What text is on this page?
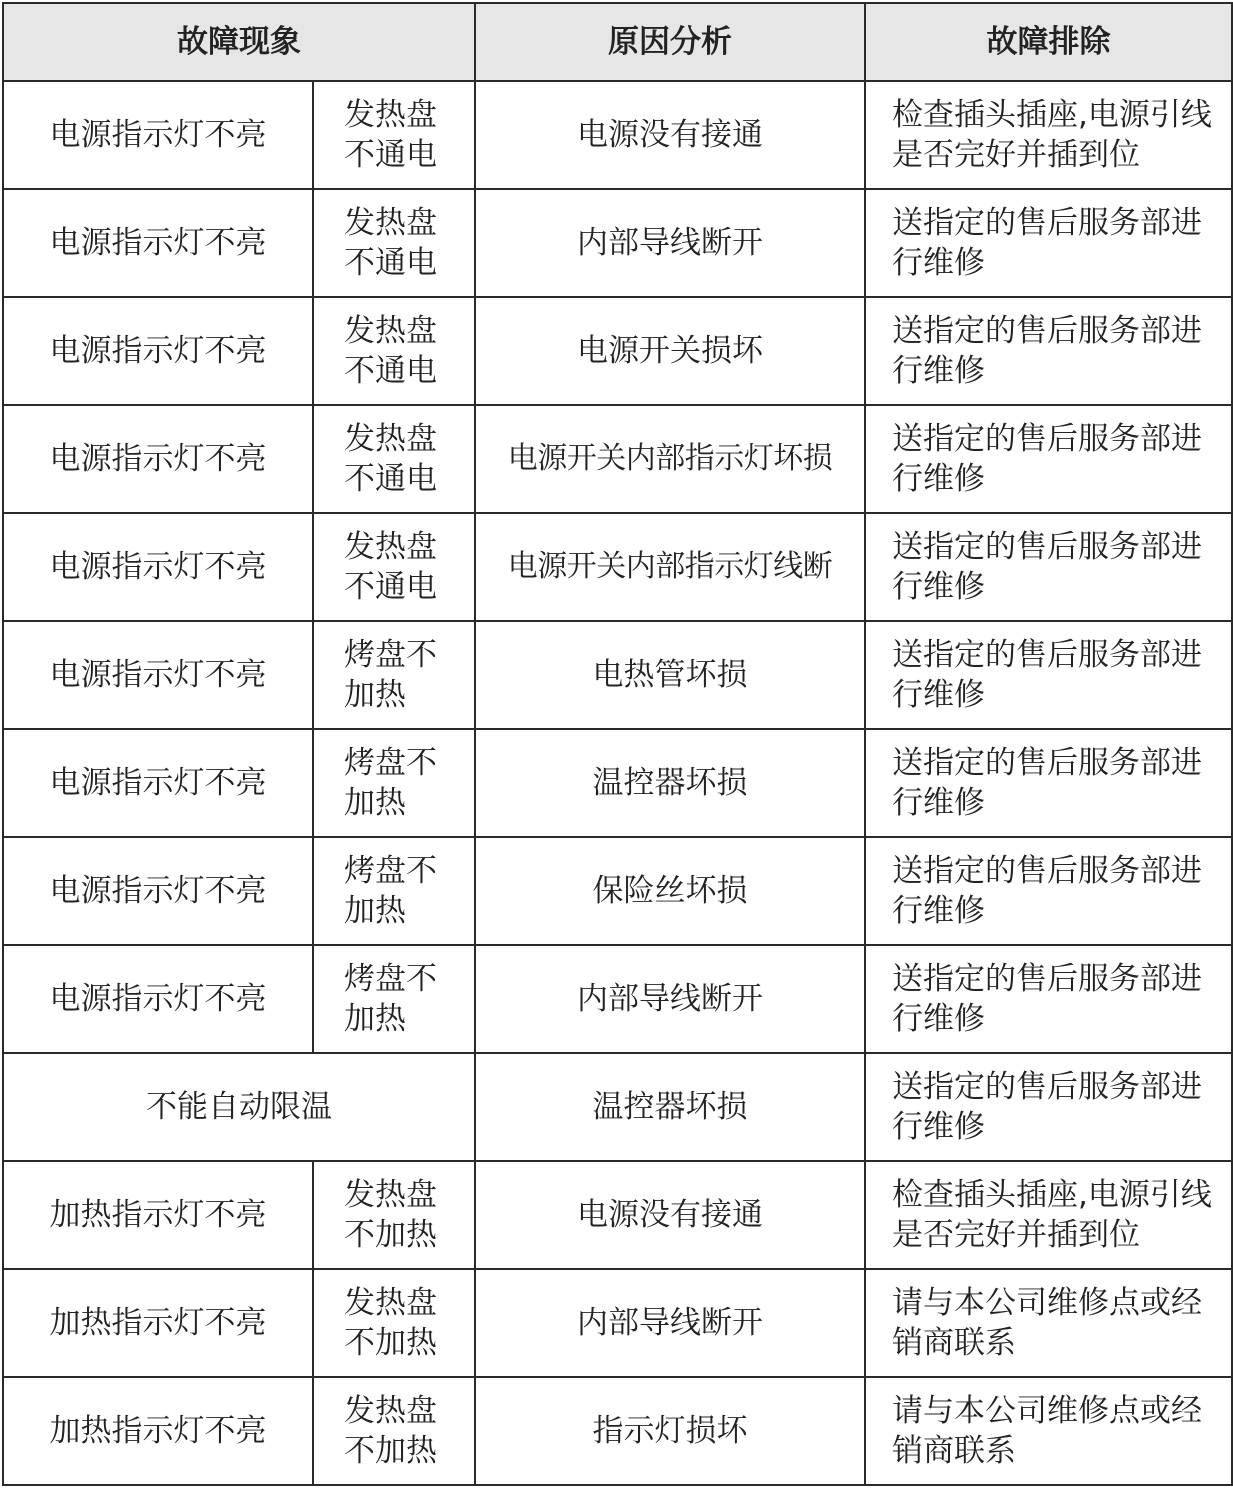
故障现象		原因分析	故障排除
电源指示灯不亮	发热盘不通电	电源没有接通	检查插头插座,电源引线是否完好并插到位

电源指示灯不亮	发热盘不通电	内部导线断开	送指定的售后服务部进行维修

电源指示灯不亮	发热盘不通电	电源开关损坏	送指定的售后服务部进行维修

电源指示灯不亮	发热盘不通电	电源开关内部指示灯坏损	送指定的售后服务部进行维修

电源指示灯不亮	发热盘不通电	电源开关内部指示灯线断	送指定的售后服务部进行维修

电源指示灯不亮	烤盘不加热	电热管坏损	送指定的售后服务部进行维修

电源指示灯不亮	烤盘不加热	温控器坏损	送指定的售后服务部进行维修

电源指示灯不亮	烤盘不加热	保险丝坏损	送指定的售后服务部进行维修

电源指示灯不亮	烤盘不加热	内部导线断开	送指定的售后服务部进行维修

不能自动限温		温控器坏损	送指定的售后服务部进行维修

加热指示灯不亮	发热盘不加热	电源没有接通	检查插头插座,电源引线是否完好并插到位

加热指示灯不亮	发热盘不加热	内部导线断开	请与本公司维修点或经销商联系

加热指示灯不亮	发热盘不加热	指示灯损坏	请与本公司维修点或经销商联系
